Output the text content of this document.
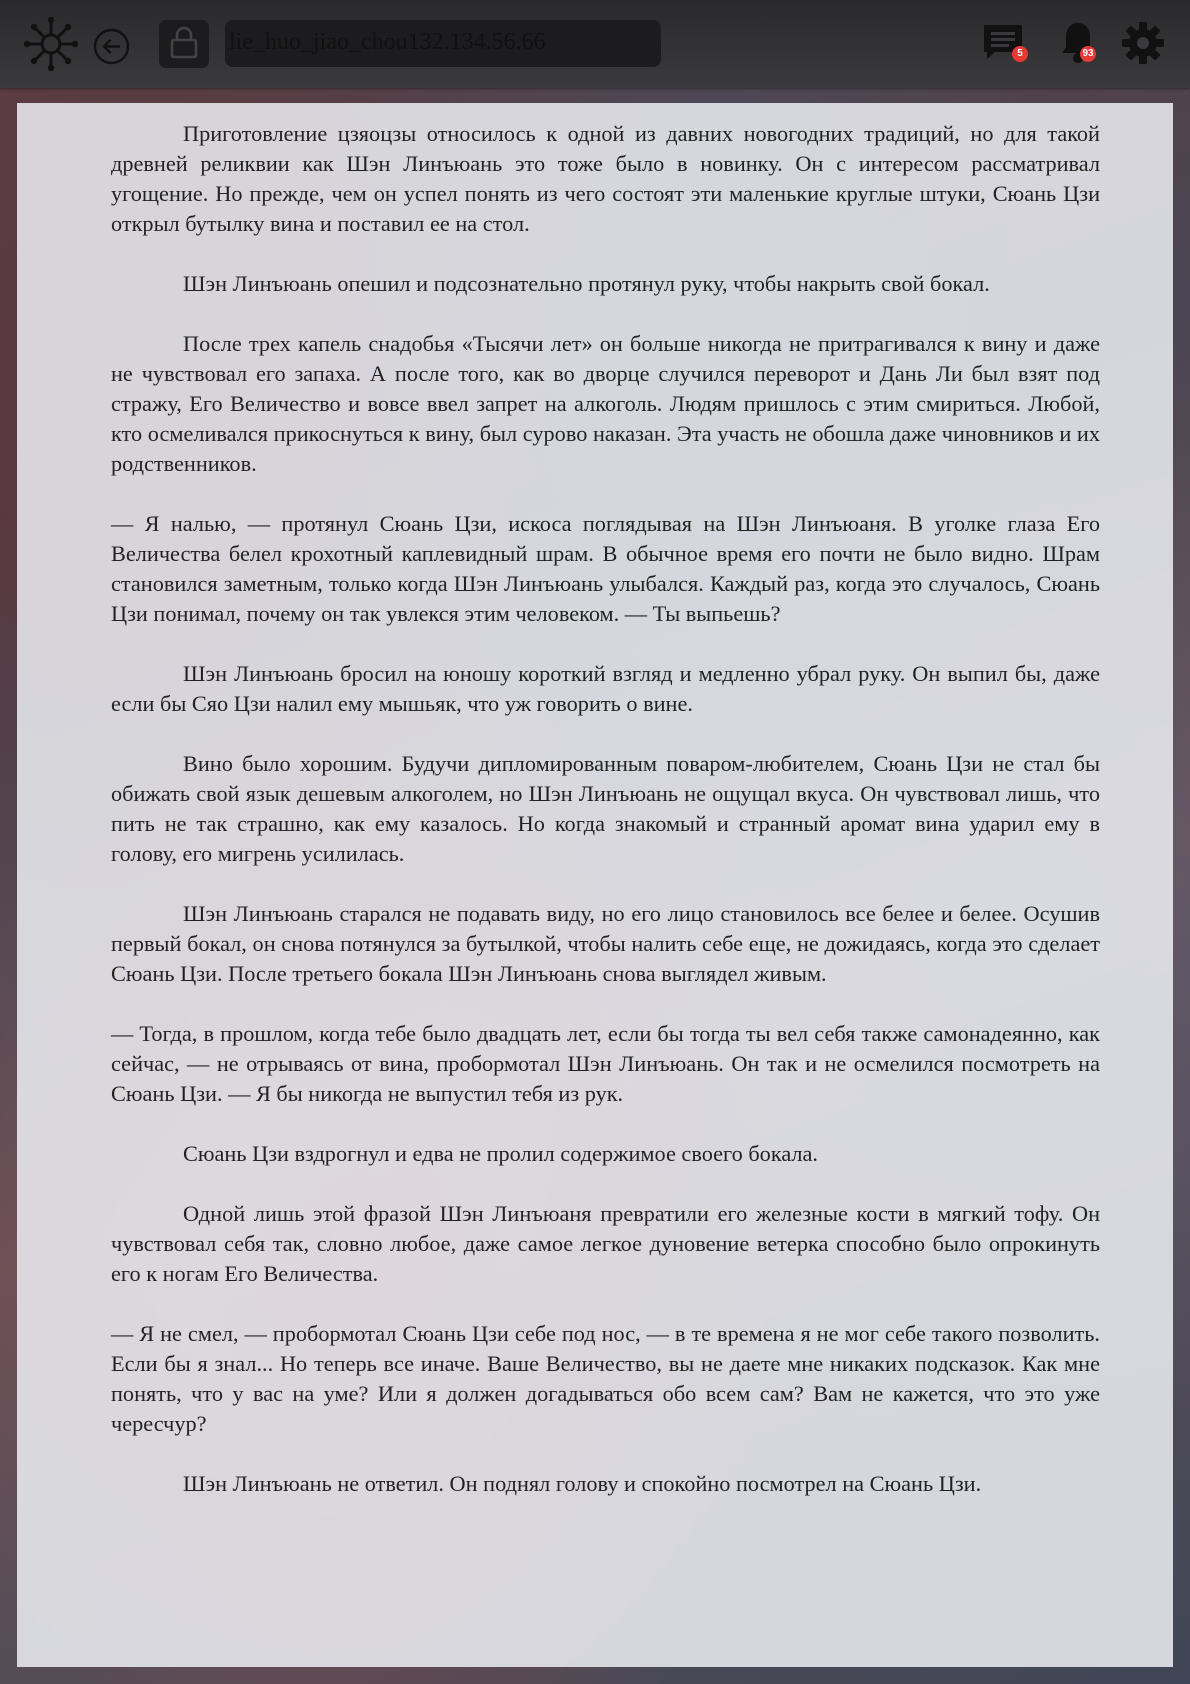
lie_huo_jiao_chou132.134.56.66	5	93

Приготовление цзяоцзы относилось к одной из давних новогодних традиций, но для такой древней реликвии как Шэн Линъюань это тоже было в новинку. Он с интересом рассматривал угощение. Но прежде, чем он успел понять из чего состоят эти маленькие круглые штуки, Сюань Цзи открыл бутылку вина и поставил ее на стол.

Шэн Линъюань опешил и подсознательно протянул руку, чтобы накрыть свой бокал.

После трех капель снадобья «Тысячи лет» он больше никогда не притрагивался к вину и даже не чувствовал его запаха. А после того, как во дворце случился переворот и Дань Ли был взят под стражу, Его Величество и вовсе ввел запрет на алкоголь. Людям пришлось с этим смириться. Любой, кто осмеливался прикоснуться к вину, был сурово наказан. Эта участь не обошла даже чиновников и их родственников.

— Я налью, — протянул Сюань Цзи, искоса поглядывая на Шэн Линъюаня. В уголке глаза Его Величества белел крохотный каплевидный шрам. В обычное время его почти не было видно. Шрам становился заметным, только когда Шэн Линъюань улыбался. Каждый раз, когда это случалось, Сюань Цзи понимал, почему он так увлекся этим человеком. — Ты выпьешь?

Шэн Линъюань бросил на юношу короткий взгляд и медленно убрал руку. Он выпил бы, даже если бы Сяо Цзи налил ему мышьяк, что уж говорить о вине.

Вино было хорошим. Будучи дипломированным поваром-любителем, Сюань Цзи не стал бы обижать свой язык дешевым алкоголем, но Шэн Линъюань не ощущал вкуса. Он чувствовал лишь, что пить не так страшно, как ему казалось. Но когда знакомый и странный аромат вина ударил ему в голову, его мигрень усилилась.

Шэн Линъюань старался не подавать виду, но его лицо становилось все белее и белее. Осушив первый бокал, он снова потянулся за бутылкой, чтобы налить себе еще, не дожидаясь, когда это сделает Сюань Цзи. После третьего бокала Шэн Линъюань снова выглядел живым.

— Тогда, в прошлом, когда тебе было двадцать лет, если бы тогда ты вел себя также самонадеянно, как сейчас, — не отрываясь от вина, пробормотал Шэн Линъюань. Он так и не осмелился посмотреть на Сюань Цзи. — Я бы никогда не выпустил тебя из рук.

Сюань Цзи вздрогнул и едва не пролил содержимое своего бокала.

Одной лишь этой фразой Шэн Линъюаня превратили его железные кости в мягкий тофу. Он чувствовал себя так, словно любое, даже самое легкое дуновение ветерка способно было опрокинуть его к ногам Его Величества.

— Я не смел, — пробормотал Сюань Цзи себе под нос, — в те времена я не мог себе такого позволить. Если бы я знал... Но теперь все иначе. Ваше Величество, вы не даете мне никаких подсказок. Как мне понять, что у вас на уме? Или я должен догадываться обо всем сам? Вам не кажется, что это уже чересчур?

Шэн Линъюань не ответил. Он поднял голову и спокойно посмотрел на Сюань Цзи.
